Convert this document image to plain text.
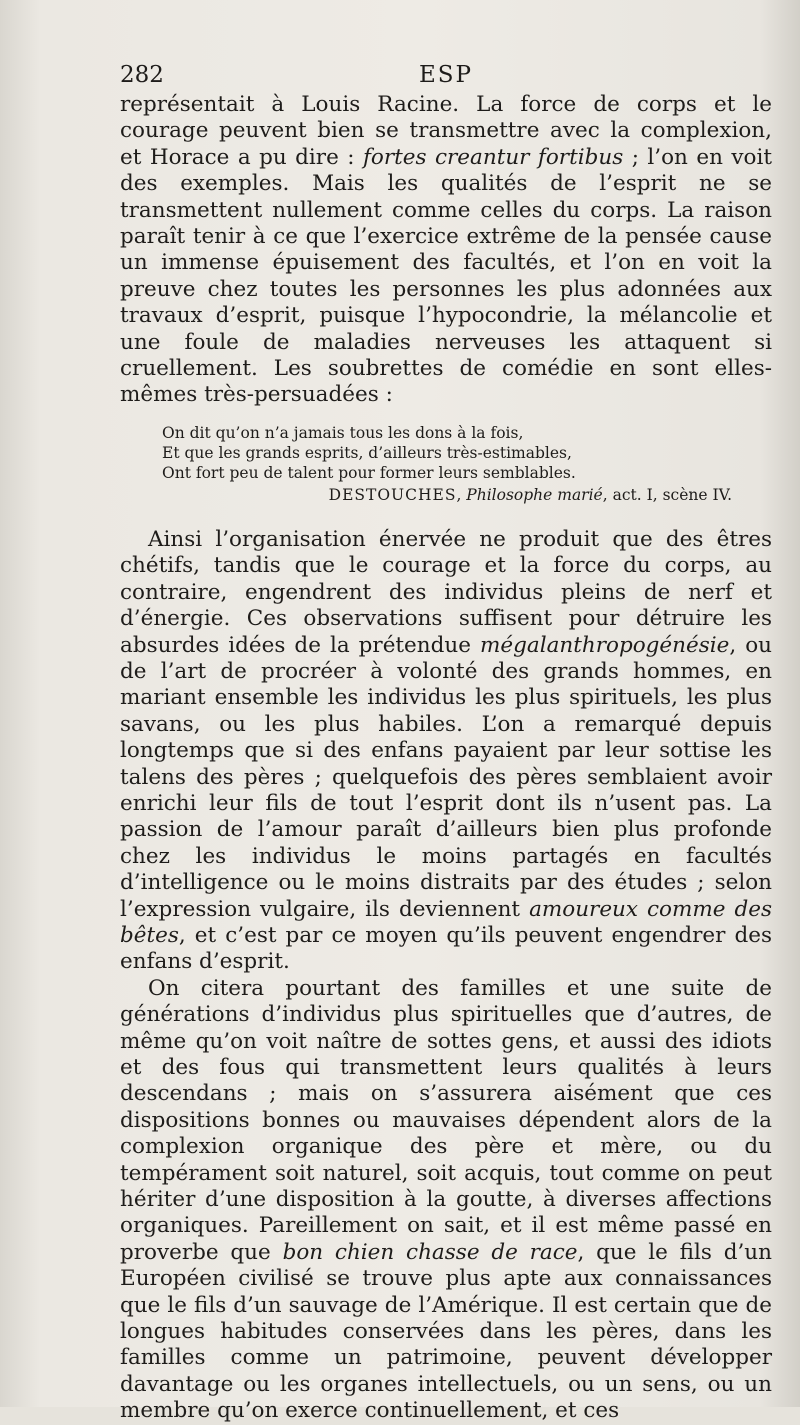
282	ESP

représentait à Louis Racine. La force de corps et le courage peuvent bien se transmettre avec la complexion, et Horace a pu dire : fortes creantur fortibus ; l’on en voit des exemples. Mais les qualités de l’esprit ne se transmettent nullement comme celles du corps. La raison paraît tenir à ce que l’exercice extrême de la pensée cause un immense épuisement des facultés, et l’on en voit la preuve chez toutes les personnes les plus adonnées aux travaux d’esprit, puisque l’hypocondrie, la mélancolie et une foule de maladies nerveuses les attaquent si cruellement. Les soubrettes de comédie en sont elles-mêmes très-persuadées :

On dit qu’on n’a jamais tous les dons à la fois,
Et que les grands esprits, d’ailleurs très-estimables,
Ont fort peu de talent pour former leurs semblables.
DESTOUCHES, Philosophe marié, act. I, scène IV.

Ainsi l’organisation énervée ne produit que des êtres chétifs, tandis que le courage et la force du corps, au contraire, engendrent des individus pleins de nerf et d’énergie. Ces observations suffisent pour détruire les absurdes idées de la prétendue mégalanthropogénésie, ou de l’art de procréer à volonté des grands hommes, en mariant ensemble les individus les plus spirituels, les plus savans, ou les plus habiles. L’on a remarqué depuis longtemps que si des enfans payaient par leur sottise les talens des pères ; quelquefois des pères semblaient avoir enrichi leur fils de tout l’esprit dont ils n’usent pas. La passion de l’amour paraît d’ailleurs bien plus profonde chez les individus le moins partagés en facultés d’intelligence ou le moins distraits par des études ; selon l’expression vulgaire, ils deviennent amoureux comme des bêtes, et c’est par ce moyen qu’ils peuvent engendrer des enfans d’esprit.

On citera pourtant des familles et une suite de générations d’individus plus spirituelles que d’autres, de même qu’on voit naître de sottes gens, et aussi des idiots et des fous qui transmettent leurs qualités à leurs descendans ; mais on s’assurera aisément que ces dispositions bonnes ou mauvaises dépendent alors de la complexion organique des père et mère, ou du tempérament soit naturel, soit acquis, tout comme on peut hériter d’une disposition à la goutte, à diverses affections organiques. Pareillement on sait, et il est même passé en proverbe que bon chien chasse de race, que le fils d’un Européen civilisé se trouve plus apte aux connaissances que le fils d’un sauvage de l’Amérique. Il est certain que de longues habitudes conservées dans les pères, dans les familles comme un patrimoine, peuvent développer davantage ou les organes intellectuels, ou un sens, ou un membre qu’on exerce continuellement, et ces
